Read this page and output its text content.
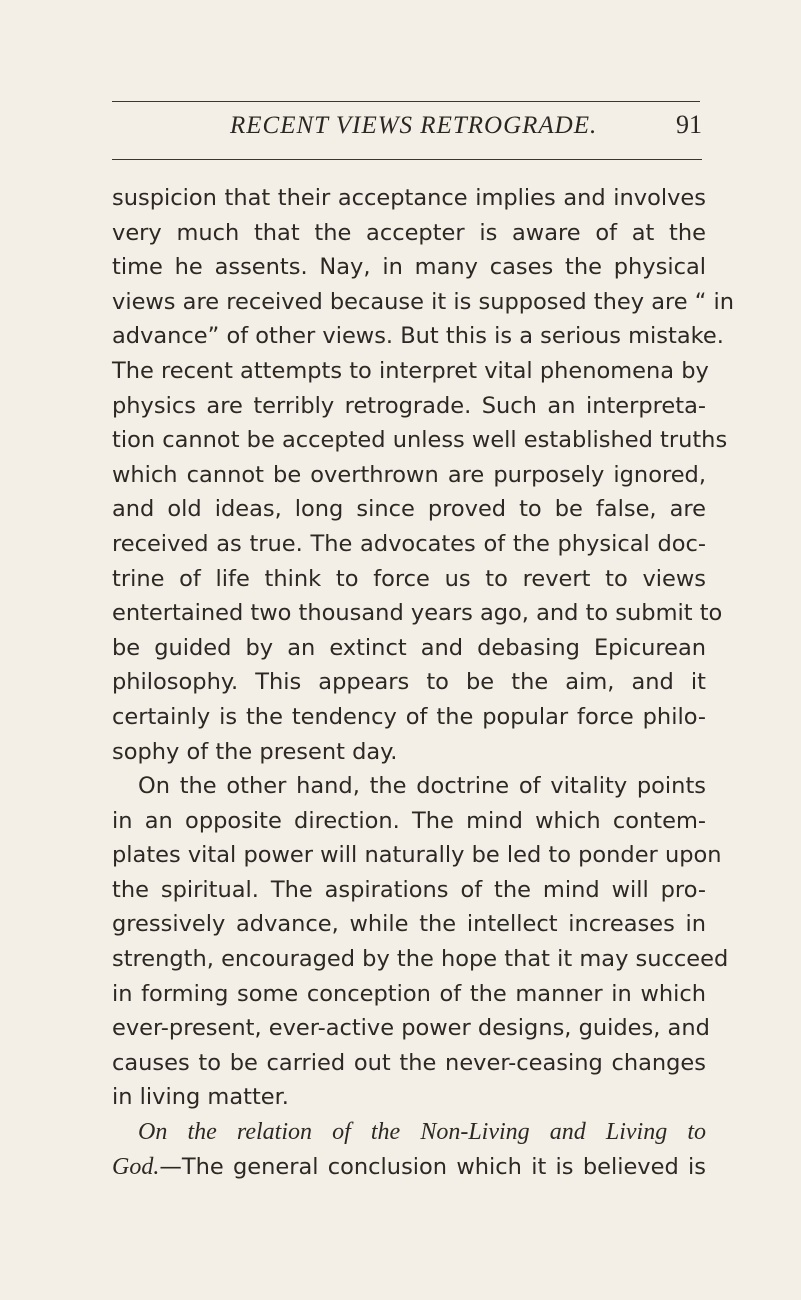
RECENT VIEWS RETROGRADE.	91
suspicion that their acceptance implies and involves
very much that the accepter is aware of at the
time he assents. Nay, in many cases the physical
views are received because it is supposed they are “ in
advance” of other views. But this is a serious mistake.
The recent attempts to interpret vital phenomena by
physics are terribly retrograde. Such an interpreta-
tion cannot be accepted unless well established truths
which cannot be overthrown are purposely ignored,
and old ideas, long since proved to be false, are
received as true. The advocates of the physical doc-
trine of life think to force us to revert to views
entertained two thousand years ago, and to submit to
be guided by an extinct and debasing Epicurean
philosophy. This appears to be the aim, and it
certainly is the tendency of the popular force philo-
sophy of the present day.
On the other hand, the doctrine of vitality points
in an opposite direction. The mind which contem-
plates vital power will naturally be led to ponder upon
the spiritual. The aspirations of the mind will pro-
gressively advance, while the intellect increases in
strength, encouraged by the hope that it may succeed
in forming some conception of the manner in which
ever-present, ever-active power designs, guides, and
causes to be carried out the never-ceasing changes
in living matter.
On the relation of the Non-Living and Living to
God.—The general conclusion which it is believed is
